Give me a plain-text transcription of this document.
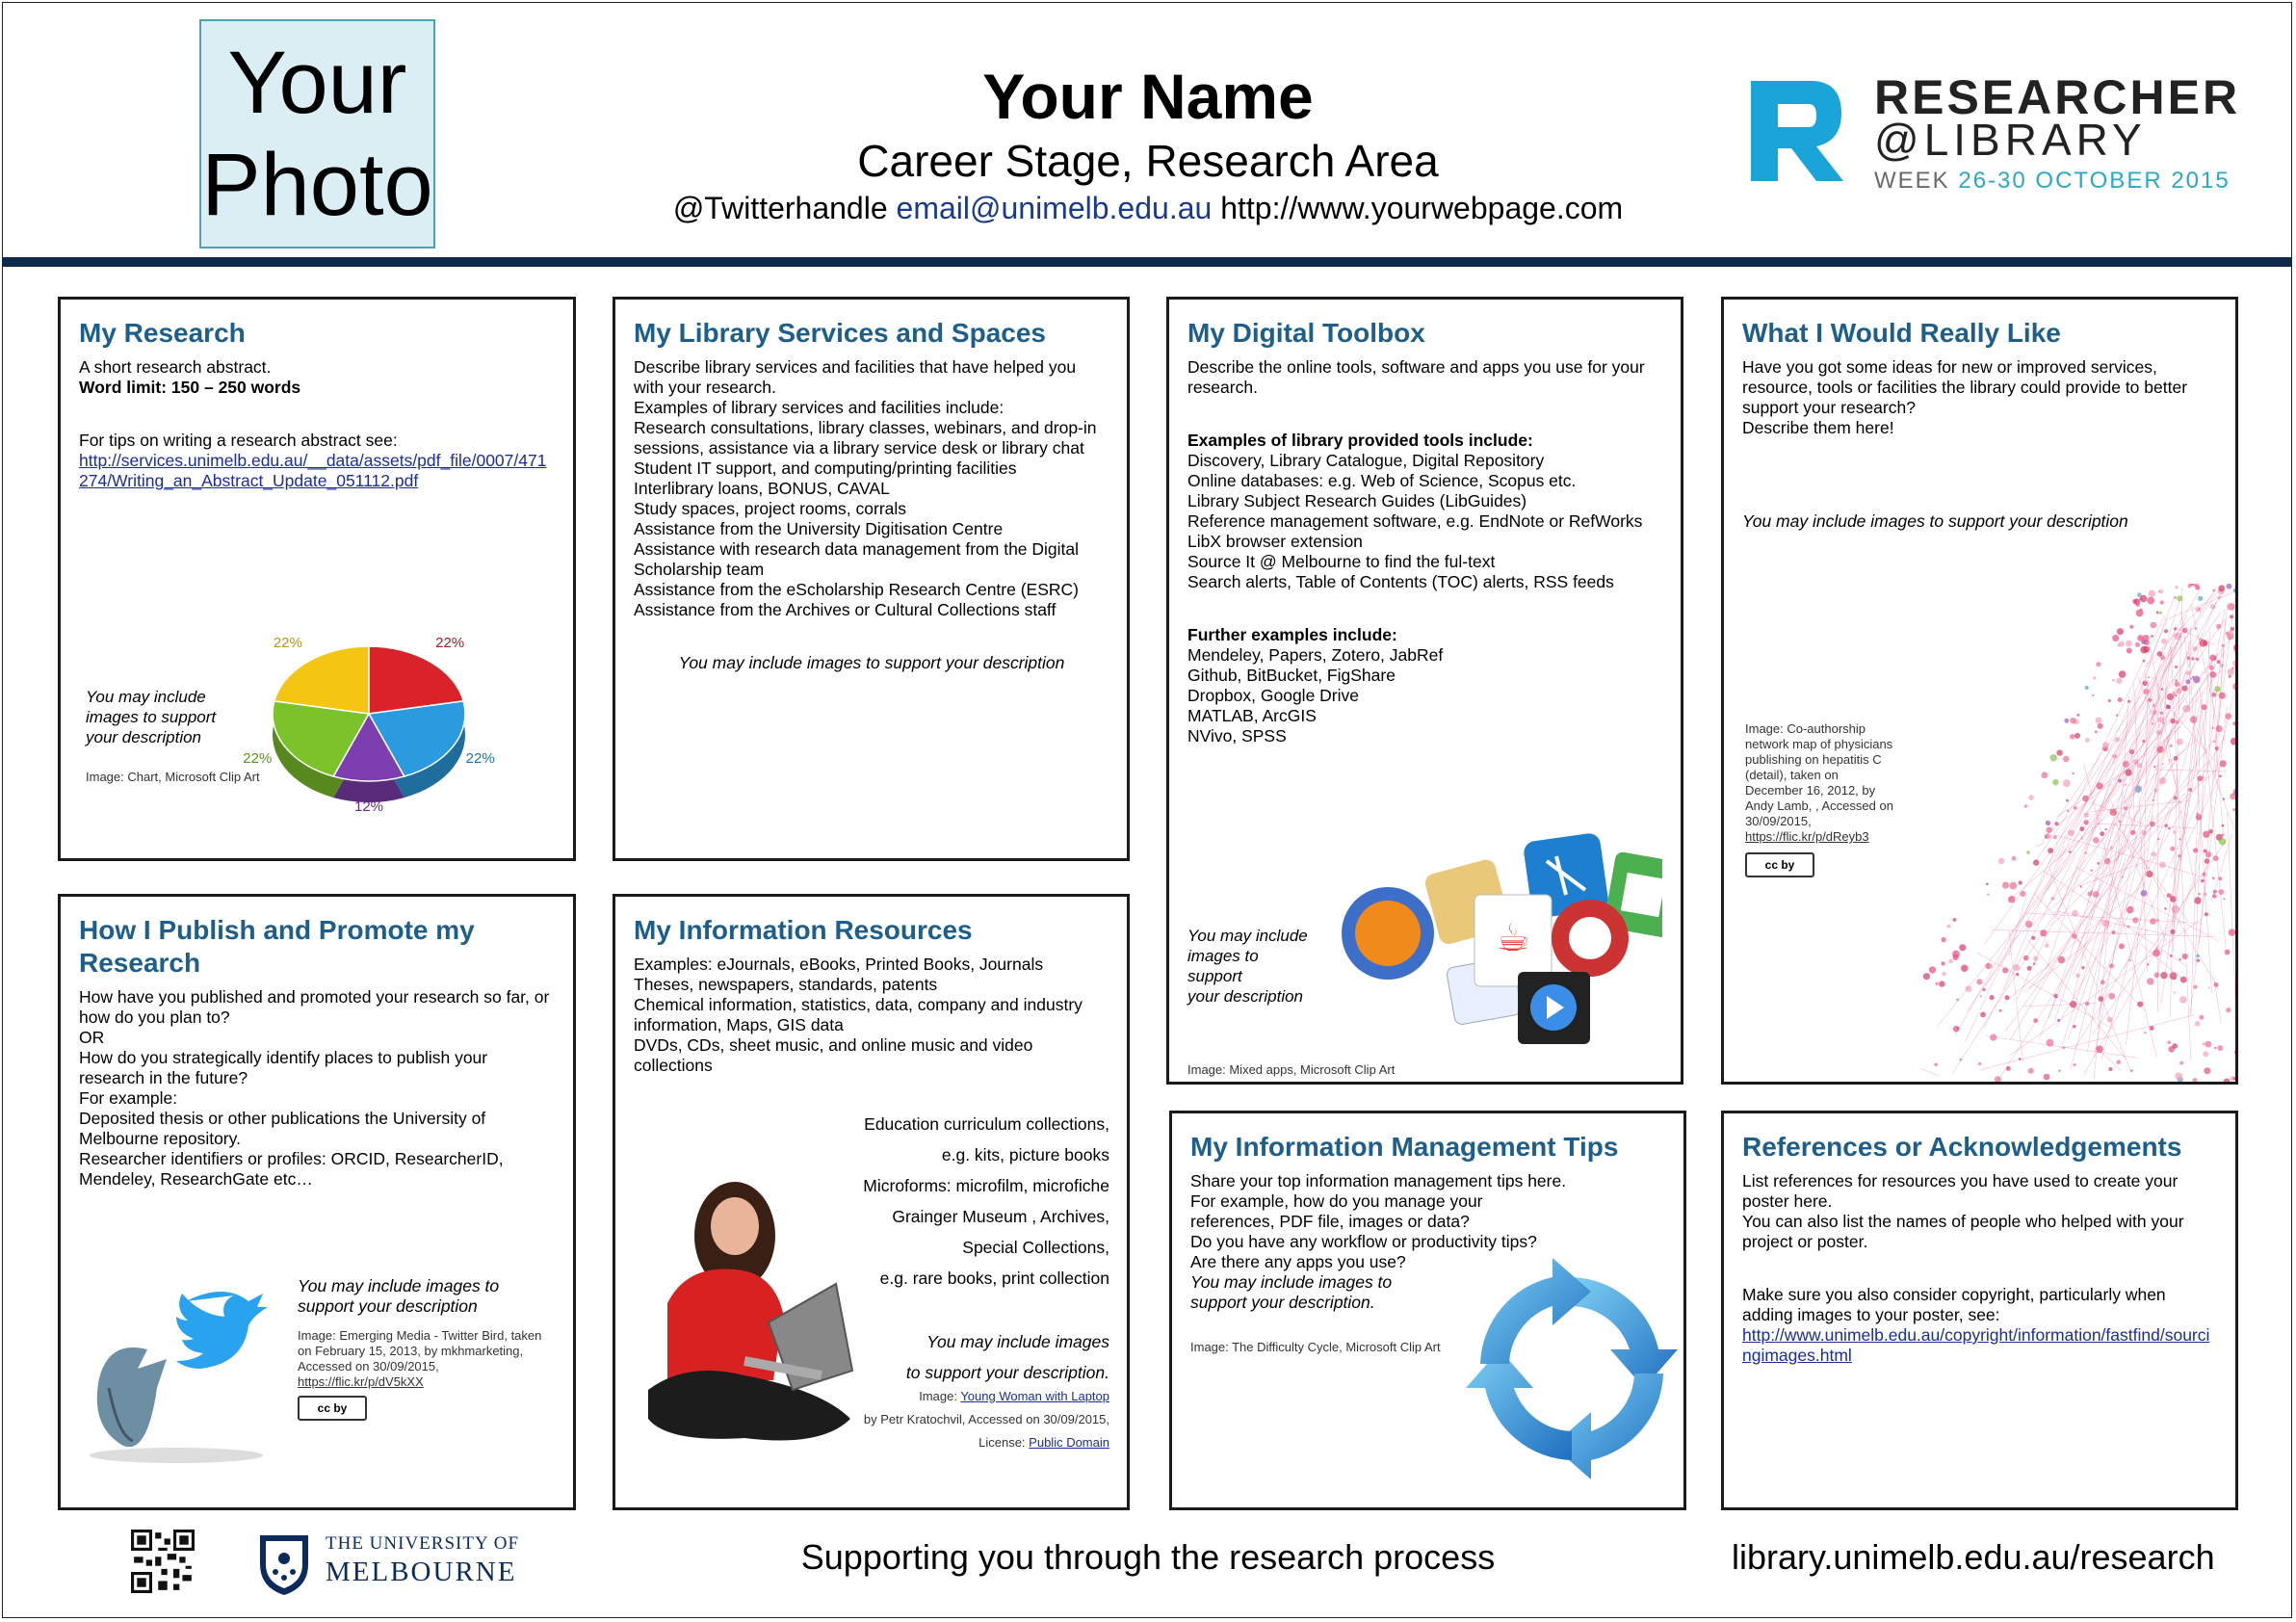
Your
Photo
Your Name
Career Stage, Research Area
@Twitterhandle email@unimelb.edu.au http://www.yourwebpage.com
RESEARCHER
@LIBRARY
WEEK 26-30 OCTOBER 2015
My Research

A short research abstract.

Word limit: 150 – 250 words

For tips on writing a research abstract see:

http://services.unimelb.edu.au/__data/assets/pdf_file/0007/471274/Writing_an_Abstract_Update_051112.pdf

You may include
images to support
your description

Image: Chart, Microsoft Clip Art

22%
22%
12%
22%
22%
My Library Services and Spaces

Describe library services and facilities that have helped you with your research.

Examples of library services and facilities include:

Research consultations, library classes, webinars, and drop-in sessions, assistance via a library service desk or library chat

Student IT support, and computing/printing facilities

Interlibrary loans, BONUS, CAVAL

Study spaces, project rooms, corrals

Assistance from the University Digitisation Centre

Assistance with research data management from the Digital Scholarship team

Assistance from the eScholarship Research Centre (ESRC)

Assistance from the Archives or Cultural Collections staff

You may include images to support your description

My Digital Toolbox

Describe the online tools, software and apps you use for your research.

Examples of library provided tools include:

Discovery, Library Catalogue, Digital Repository

Online databases: e.g. Web of Science, Scopus etc.

Library Subject Research Guides (LibGuides)

Reference management software, e.g. EndNote or RefWorks

LibX browser extension

Source It @ Melbourne to find the ful-text

Search alerts, Table of Contents (TOC) alerts, RSS feeds

Further examples include:

Mendeley, Papers, Zotero, JabRef

Github, BitBucket, FigShare

Dropbox, Google Drive

MATLAB, ArcGIS

NVivo, SPSS

You may include
images to
support
your description

Image: Mixed apps, Microsoft Clip Art

☕
What I Would Really Like

Have you got some ideas for new or improved services, resource, tools or facilities the library could provide to better support your research?

Describe them here!

You may include images to support your description

Image: Co-authorship network map of physicians publishing on hepatitis C (detail), taken on December 16, 2012, by Andy Lamb, , Accessed on 30/09/2015,

https://flic.kr/p/dReyb3

cc by
How I Publish and Promote my Research

How have you published and promoted your research so far, or how do you plan to?

OR

How do you strategically identify places to publish your research in the future?

For example:

Deposited thesis or other publications the University of Melbourne repository.

Researcher identifiers or profiles: ORCID, ResearcherID, Mendeley, ResearchGate etc…

You may include images to support your description

Image: Emerging Media - Twitter Bird, taken on February 15, 2013, by mkhmarketing, Accessed on 30/09/2015,

https://flic.kr/p/dV5kXX

cc by
My Information Resources

Examples: eJournals, eBooks, Printed Books, Journals

Theses, newspapers, standards, patents

Chemical information, statistics, data, company and industry information, Maps, GIS data

DVDs, CDs, sheet music, and online music and video collections

Education curriculum collections,

e.g. kits, picture books

Microforms: microfilm, microfiche

Grainger Museum , Archives,

Special Collections,

e.g. rare books, print collection

You may include images

to support your description.

Image: Young Woman with Laptop

by Petr Kratochvil, Accessed on 30/09/2015,

License: Public Domain

My Information Management Tips

Share your top information management tips here.

For example, how do you manage your references, PDF file, images or data?

Do you have any workflow or productivity tips?

Are there any apps you use?

You may include images to

support your description.

Image: The Difficulty Cycle, Microsoft Clip Art

References or Acknowledgements

List references for resources you have used to create your poster here.

You can also list the names of people who helped with your project or poster.

Make sure you also consider copyright, particularly when adding images to your poster, see:

http://www.unimelb.edu.au/copyright/information/fastfind/sourcingimages.html

THE UNIVERSITY OF
MELBOURNE	Supporting you through the research process	library.unimelb.edu.au/research
